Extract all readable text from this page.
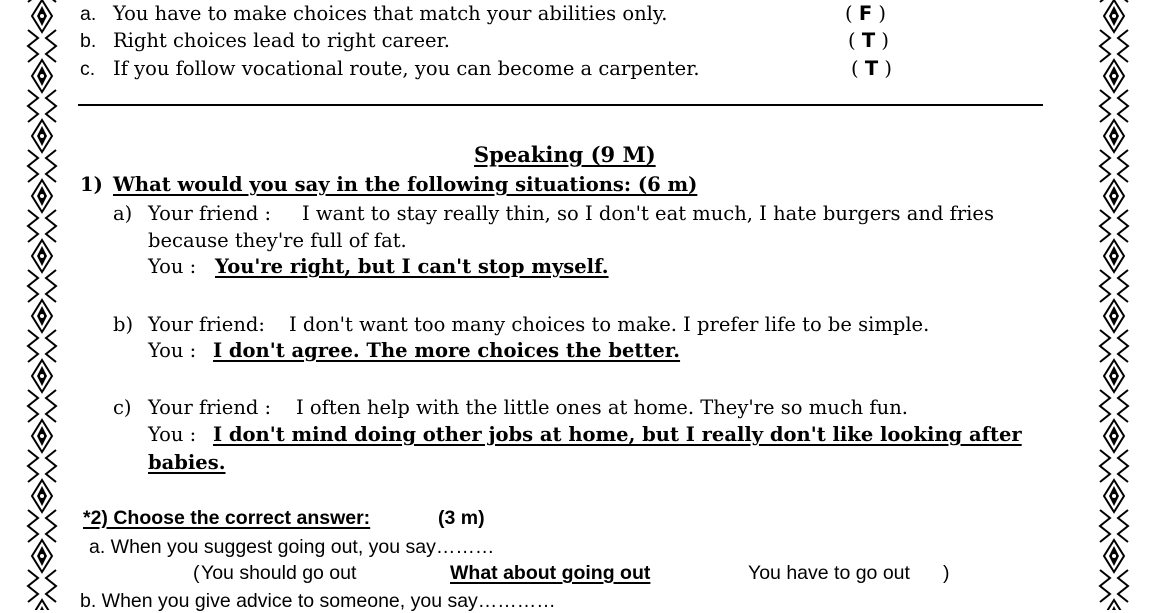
a. You have to make choices that match your abilities only.	( F )
b. Right choices lead to right career.	( T )
c. If you follow vocational route, you can become a carpenter.	( T )
Speaking (9 M)
1) What would you say in the following situations: (6 m)
a) Your friend : I want to stay really thin, so I don't eat much, I hate burgers and fries
because they're full of fat.
You : You're right, but I can't stop myself.
b) Your friend: I don't want too many choices to make. I prefer life to be simple.
You : I don't agree. The more choices the better.
c) Your friend : I often help with the little ones at home. They're so much fun.
You : I don't mind doing other jobs at home, but I really don't like looking after
babies.
*2) Choose the correct answer:	(3 m)
a. When you suggest going out, you say………
( You should go out	What about going out	You have to go out )
b. When you give advice to someone, you say…………
